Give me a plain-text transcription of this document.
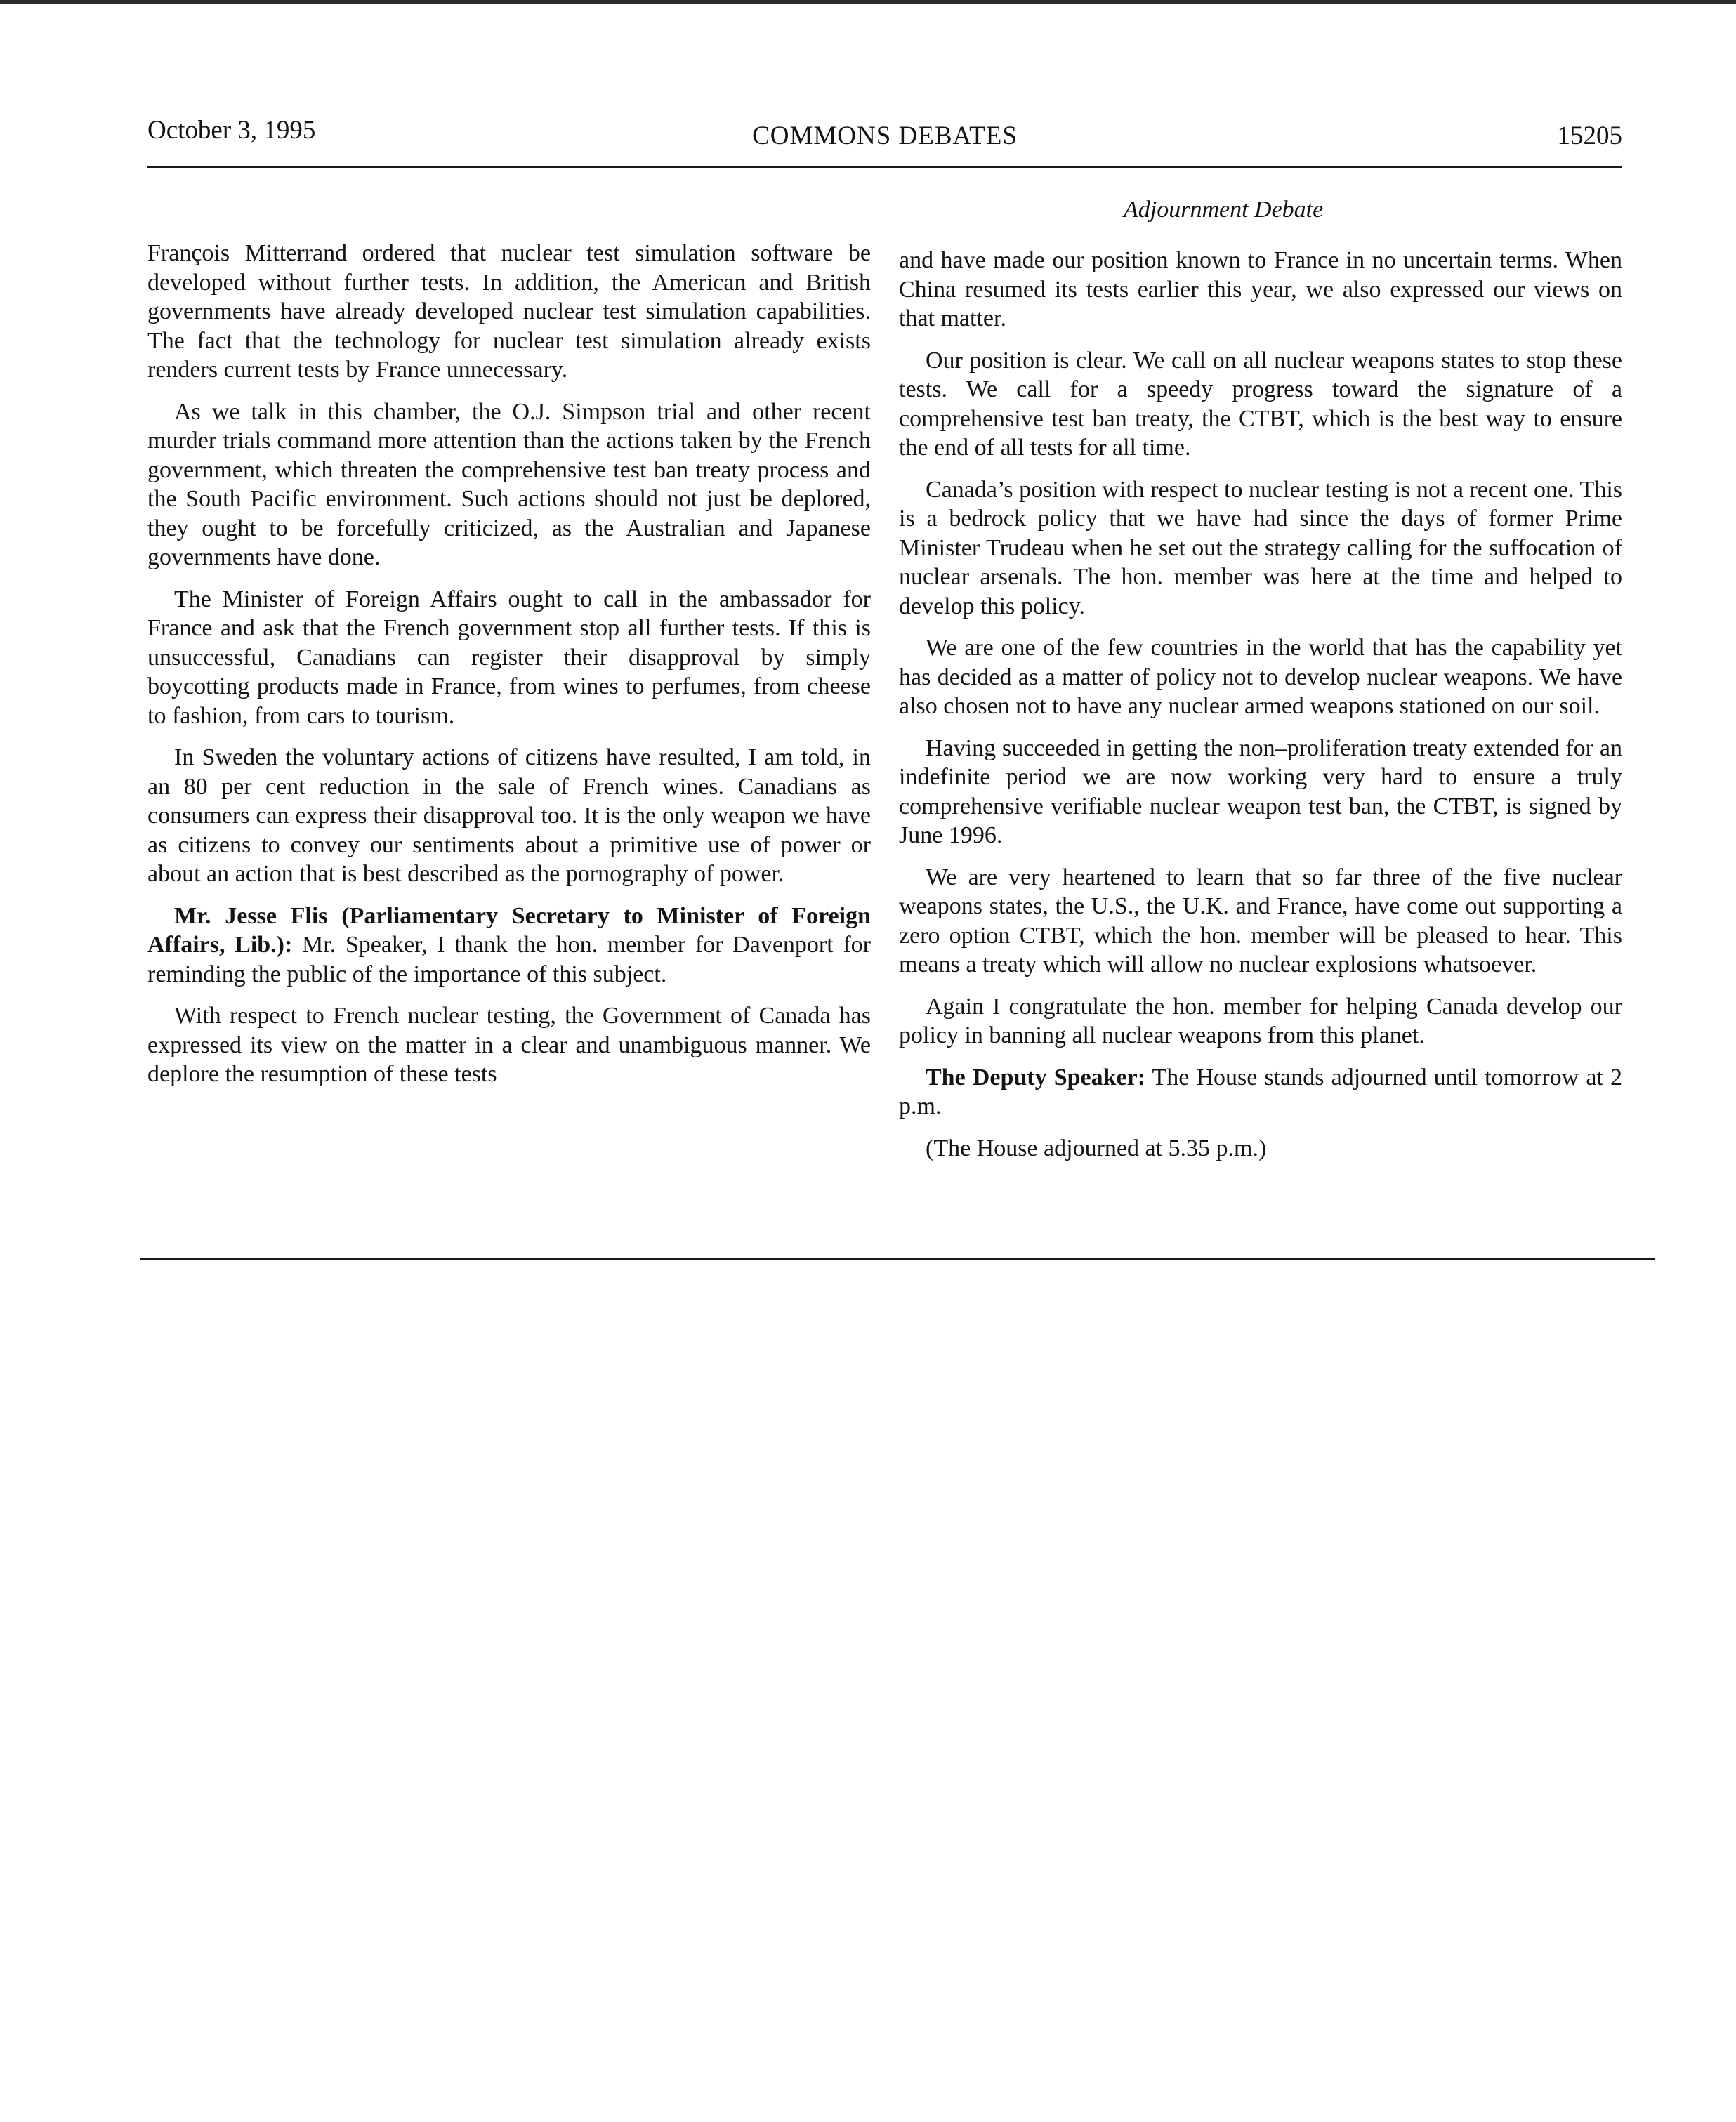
October 3, 1995	COMMONS DEBATES	15205
Adjournment Debate

François Mitterrand ordered that nuclear test simulation software be developed without further tests. In addition, the American and British governments have already developed nuclear test simulation capabilities. The fact that the technology for nuclear test simulation already exists renders current tests by France unnecessary.

As we talk in this chamber, the O.J. Simpson trial and other recent murder trials command more attention than the actions taken by the French government, which threaten the comprehensive test ban treaty process and the South Pacific environment. Such actions should not just be deplored, they ought to be forcefully criticized, as the Australian and Japanese governments have done.

The Minister of Foreign Affairs ought to call in the ambassador for France and ask that the French government stop all further tests. If this is unsuccessful, Canadians can register their disapproval by simply boycotting products made in France, from wines to perfumes, from cheese to fashion, from cars to tourism.

In Sweden the voluntary actions of citizens have resulted, I am told, in an 80 per cent reduction in the sale of French wines. Canadians as consumers can express their disapproval too. It is the only weapon we have as citizens to convey our sentiments about a primitive use of power or about an action that is best described as the pornography of power.

Mr. Jesse Flis (Parliamentary Secretary to Minister of Foreign Affairs, Lib.): Mr. Speaker, I thank the hon. member for Davenport for reminding the public of the importance of this subject.

With respect to French nuclear testing, the Government of Canada has expressed its view on the matter in a clear and unambiguous manner. We deplore the resumption of these tests

and have made our position known to France in no uncertain terms. When China resumed its tests earlier this year, we also expressed our views on that matter.

Our position is clear. We call on all nuclear weapons states to stop these tests. We call for a speedy progress toward the signature of a comprehensive test ban treaty, the CTBT, which is the best way to ensure the end of all tests for all time.

Canada’s position with respect to nuclear testing is not a recent one. This is a bedrock policy that we have had since the days of former Prime Minister Trudeau when he set out the strategy calling for the suffocation of nuclear arsenals. The hon. member was here at the time and helped to develop this policy.

We are one of the few countries in the world that has the capability yet has decided as a matter of policy not to develop nuclear weapons. We have also chosen not to have any nuclear armed weapons stationed on our soil.

Having succeeded in getting the non–proliferation treaty extended for an indefinite period we are now working very hard to ensure a truly comprehensive verifiable nuclear weapon test ban, the CTBT, is signed by June 1996.

We are very heartened to learn that so far three of the five nuclear weapons states, the U.S., the U.K. and France, have come out supporting a zero option CTBT, which the hon. member will be pleased to hear. This means a treaty which will allow no nuclear explosions whatsoever.

Again I congratulate the hon. member for helping Canada develop our policy in banning all nuclear weapons from this planet.

The Deputy Speaker: The House stands adjourned until tomorrow at 2 p.m.

(The House adjourned at 5.35 p.m.)
